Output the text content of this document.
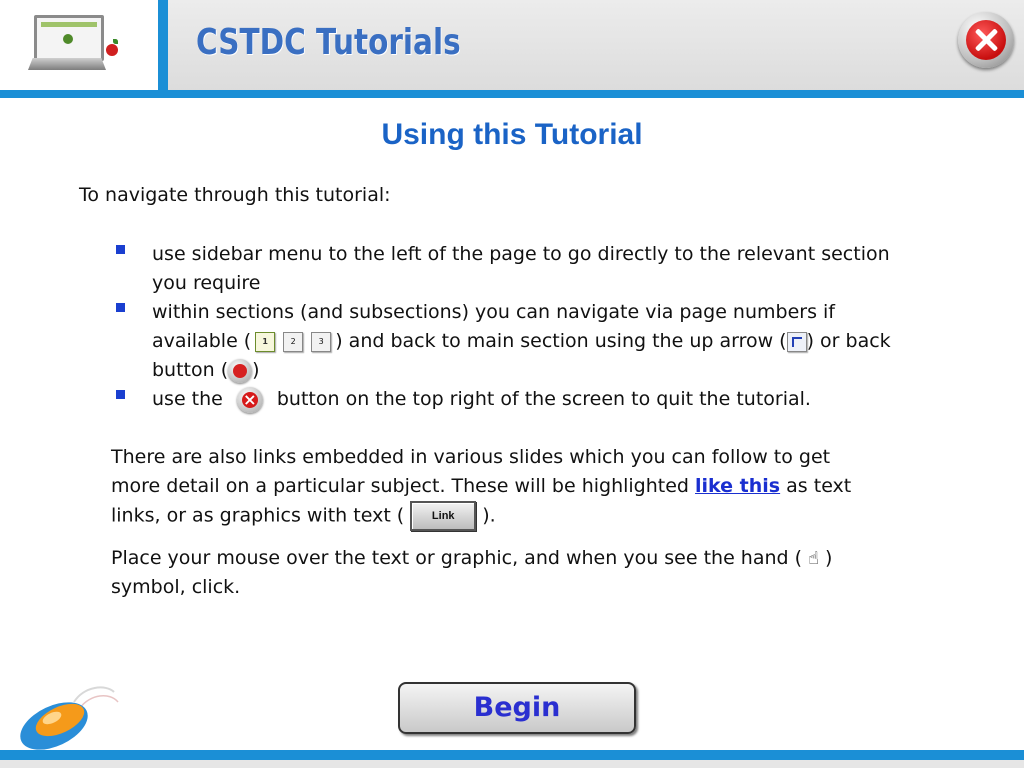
CSTDC Tutorials
Using this Tutorial
To navigate through this tutorial:
use sidebar menu to the left of the page to go directly to the relevant section you require
within sections (and subsections) you can navigate via page numbers if available ( 1	2	3 ) and back to main section using the up arrow ( ) or back button ( )
use the×	button on the top right of the screen to quit the tutorial.
There are also links embedded in various slides which you can follow to get more detail on a particular subject. These will be highlighted like this as text links, or as graphics with text (	Link ).
Place your mouse over the text or graphic, and when you see the hand ( ☝ ) symbol, click.
Begin
